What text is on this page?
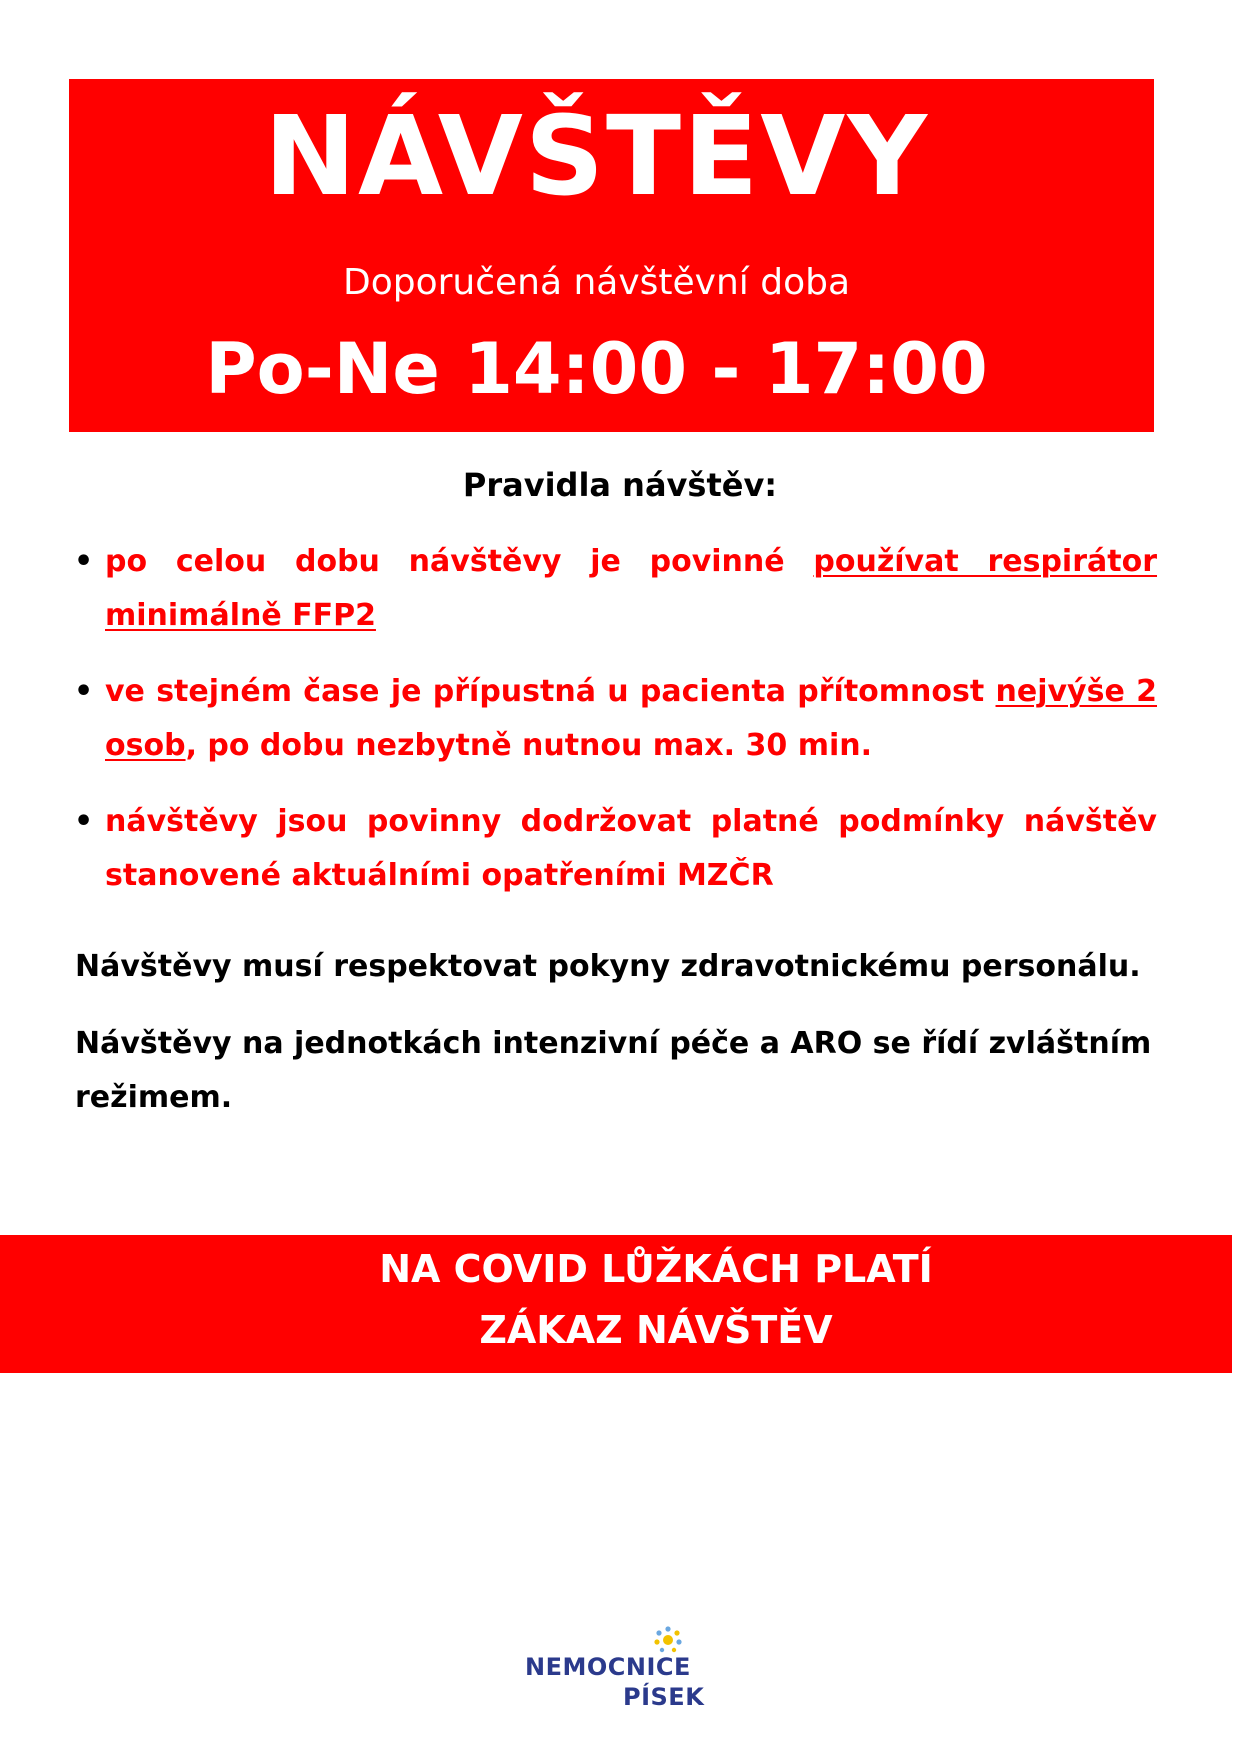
NÁVŠTĚVY
Doporučená návštěvní doba
Po-Ne 14:00 - 17:00
Pravidla návštěv:
• po celou dobu návštěvy je povinné používat respirátor minimálně FFP2
• ve stejném čase je přípustná u pacienta přítomnost nejvýše 2 osob, po dobu nezbytně nutnou max. 30 min.
• návštěvy jsou povinny dodržovat platné podmínky návštěv stanovené aktuálními opatřeními MZČR

Návštěvy musí respektovat pokyny zdravotnickému personálu.

Návštěvy na jednotkách intenzivní péče a ARO se řídí zvláštním režimem.

NA COVID LŮŽKÁCH PLATÍ
ZÁKAZ NÁVŠTĚV
NEMOCNICE
PÍSEK
